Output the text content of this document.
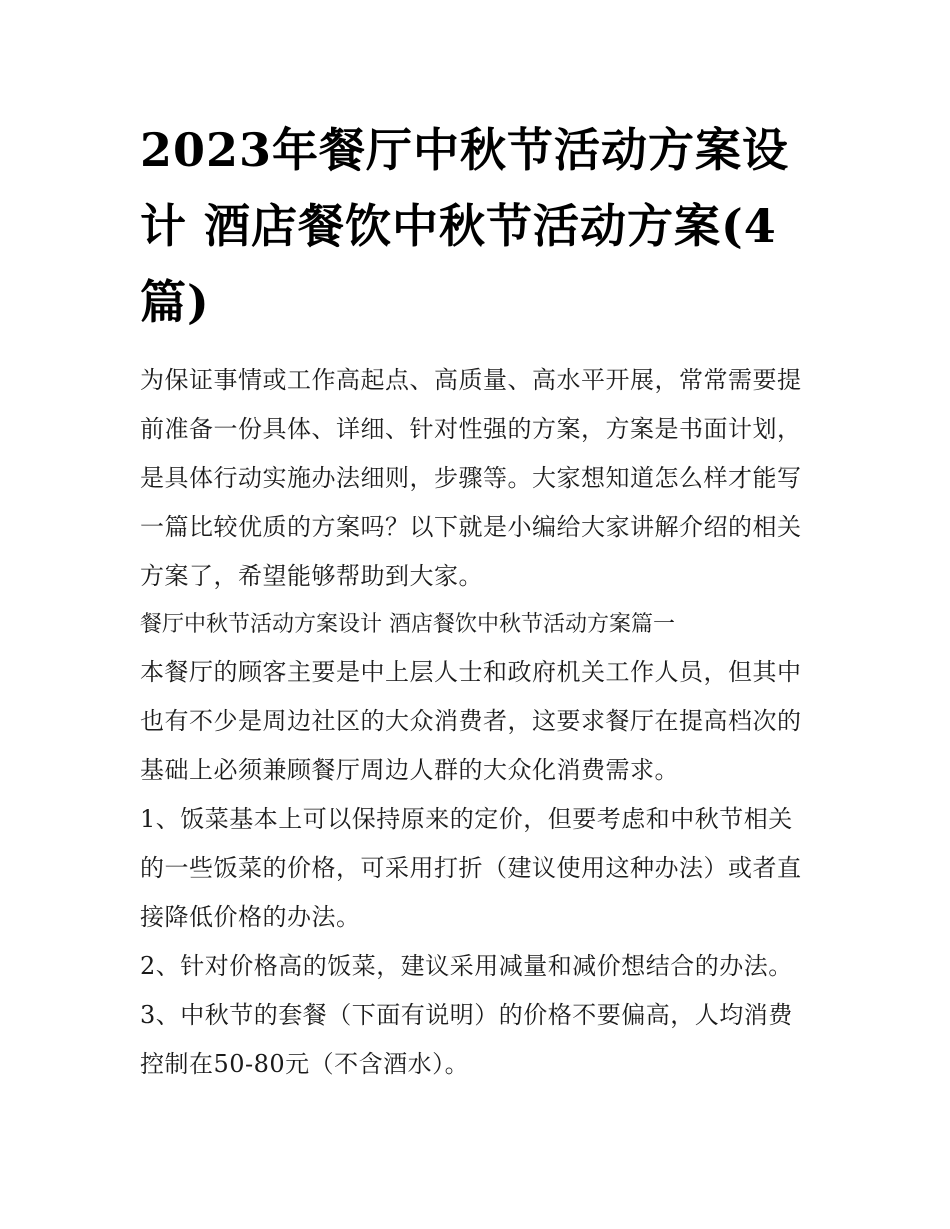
2023年餐厅中秋节活动方案设计 酒店餐饮中秋节活动方案(4篇)

为保证事情或工作高起点、高质量、高水平开展，常常需要提前准备一份具体、详细、针对性强的方案，方案是书面计划，是具体行动实施办法细则，步骤等。大家想知道怎么样才能写一篇比较优质的方案吗？以下就是小编给大家讲解介绍的相关方案了，希望能够帮助到大家。

餐厅中秋节活动方案设计 酒店餐饮中秋节活动方案篇一

本餐厅的顾客主要是中上层人士和政府机关工作人员，但其中也有不少是周边社区的大众消费者，这要求餐厅在提高档次的基础上必须兼顾餐厅周边人群的大众化消费需求。

1、饭菜基本上可以保持原来的定价，但要考虑和中秋节相关的一些饭菜的价格，可采用打折（建议使用这种办法）或者直接降低价格的办法。

2、针对价格高的饭菜，建议采用减量和减价想结合的办法。

3、中秋节的套餐（下面有说明）的价格不要偏高，人均消费控制在50-80元（不含酒水）。
